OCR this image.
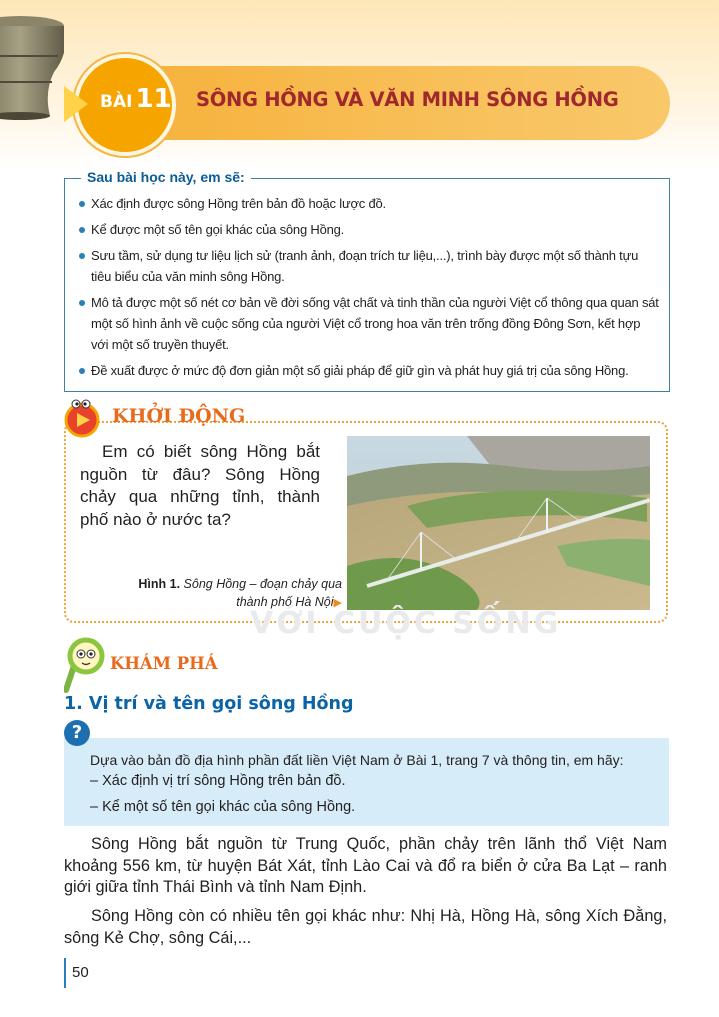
BÀI 11 SÔNG HỒNG VÀ VĂN MINH SÔNG HỒNG
Sau bài học này, em sẽ:
Xác định được sông Hồng trên bản đồ hoặc lược đồ.
Kể được một số tên gọi khác của sông Hồng.
Sưu tầm, sử dụng tư liệu lịch sử (tranh ảnh, đoạn trích tư liệu,...), trình bày được một số thành tựu tiêu biểu của văn minh sông Hồng.
Mô tả được một số nét cơ bản về đời sống vật chất và tinh thần của người Việt cổ thông qua quan sát một số hình ảnh về cuộc sống của người Việt cổ trong hoa văn trên trống đồng Đông Sơn, kết hợp với một số truyền thuyết.
Đề xuất được ở mức độ đơn giản một số giải pháp để giữ gìn và phát huy giá trị của sông Hồng.
KHỞI ĐỘNG
Em có biết sông Hồng bắt nguồn từ đâu? Sông Hồng chảy qua những tỉnh, thành phố nào ở nước ta?
Hình 1. Sông Hồng – đoạn chảy qua thành phố Hà Nội▶
VỚI CUỘC SỐNG
KHÁM PHÁ
1. Vị trí và tên gọi sông Hồng
?
Dựa vào bản đồ địa hình phần đất liền Việt Nam ở Bài 1, trang 7 và thông tin, em hãy:
– Xác định vị trí sông Hồng trên bản đồ.
– Kể một số tên gọi khác của sông Hồng.
Sông Hồng bắt nguồn từ Trung Quốc, phần chảy trên lãnh thổ Việt Nam khoảng 556 km, từ huyện Bát Xát, tỉnh Lào Cai và đổ ra biển ở cửa Ba Lạt – ranh giới giữa tỉnh Thái Bình và tỉnh Nam Định.
Sông Hồng còn có nhiều tên gọi khác như: Nhị Hà, Hồng Hà, sông Xích Đằng, sông Kẻ Chợ, sông Cái,...
50
